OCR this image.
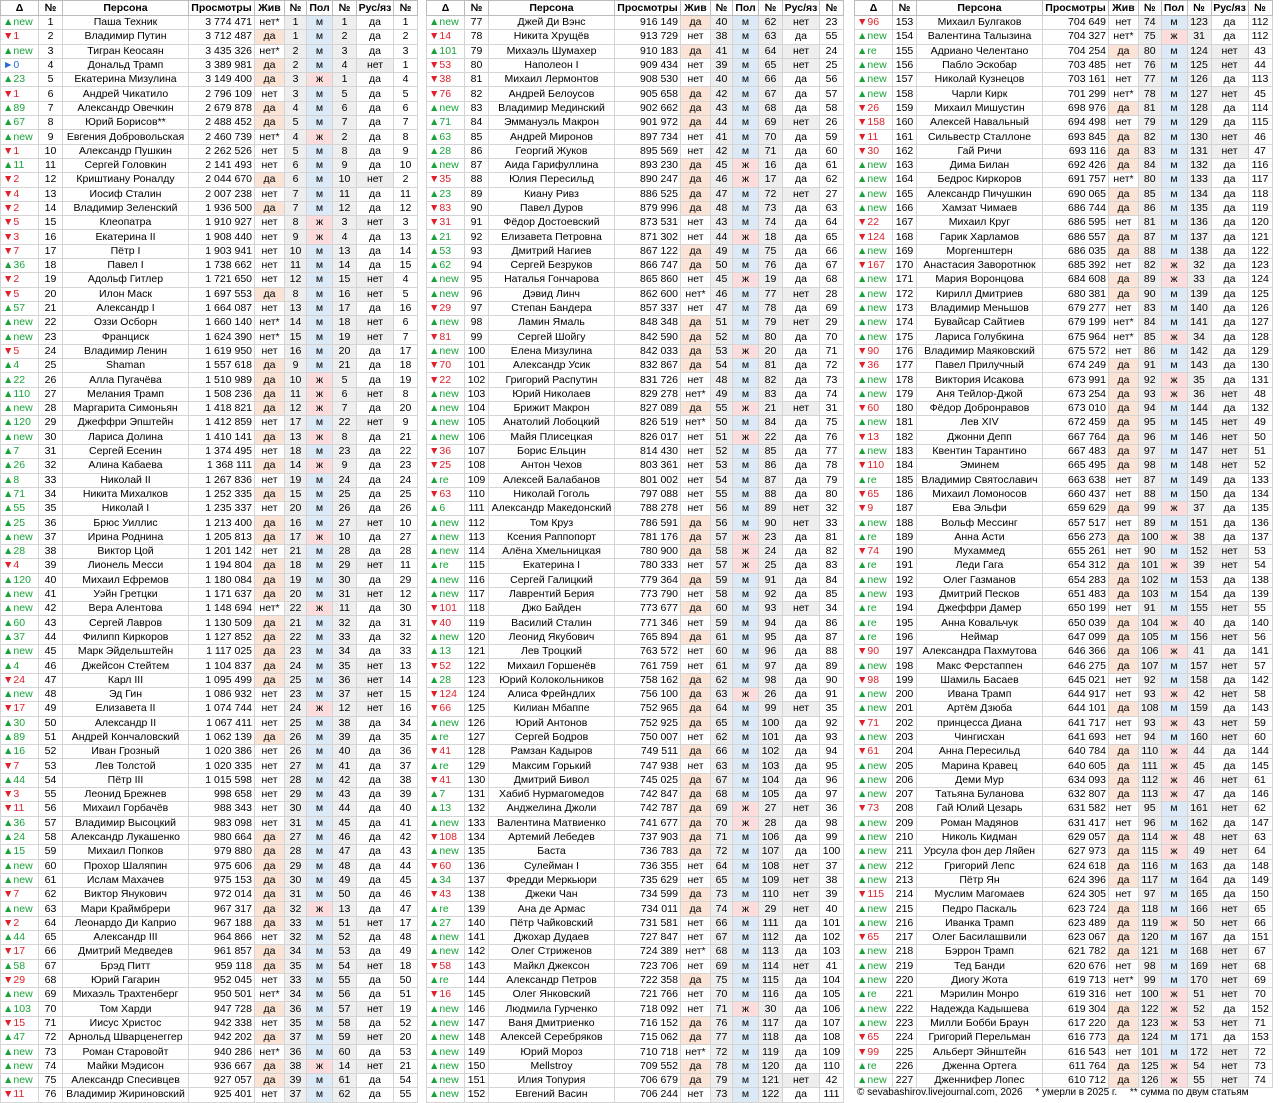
Δ	№	Персона	Просмотры	Жив	№	Пол	№	Рус/яз	№
▲new	1	Паша Техник	3 774 471	нет*	1	м	1	да	1
▼1	2	Владимир Путин	3 712 487	да	1	м	2	да	2
▲new	3	Тигран Кеосаян	3 435 326	нет*	2	м	3	да	3
►0	4	Дональд Трамп	3 389 981	да	2	м	4	нет	1
▲23	5	Екатерина Мизулина	3 149 400	да	3	ж	1	да	4
▼1	6	Андрей Чикатило	2 796 109	нет	3	м	5	да	5
▲89	7	Александр Овечкин	2 679 878	да	4	м	6	да	6
▲67	8	Юрий Борисов**	2 488 452	да	5	м	7	да	7
▲new	9	Евгения Добровольская	2 460 739	нет*	4	ж	2	да	8
▼1	10	Александр Пушкин	2 262 526	нет	5	м	8	да	9
▲11	11	Сергей Головкин	2 141 493	нет	6	м	9	да	10
▼2	12	Криштиану Роналду	2 044 670	да	6	м	10	нет	2
▼4	13	Иосиф Сталин	2 007 238	нет	7	м	11	да	11
▼2	14	Владимир Зеленский	1 936 500	да	7	м	12	да	12
▼5	15	Клеопатра	1 910 927	нет	8	ж	3	нет	3
▼3	16	Екатерина II	1 908 440	нет	9	ж	4	да	13
▼7	17	Пётр I	1 903 941	нет	10	м	13	да	14
▲36	18	Павел I	1 738 662	нет	11	м	14	да	15
▼2	19	Адольф Гитлер	1 721 650	нет	12	м	15	нет	4
▼5	20	Илон Маск	1 697 553	да	8	м	16	нет	5
▲57	21	Александр I	1 664 087	нет	13	м	17	да	16
▲new	22	Оззи Осборн	1 660 140	нет*	14	м	18	нет	6
▲new	23	Франциск	1 624 390	нет*	15	м	19	нет	7
▼5	24	Владимир Ленин	1 619 950	нет	16	м	20	да	17
▲4	25	Shaman	1 557 618	да	9	м	21	да	18
▲22	26	Алла Пугачёва	1 510 989	да	10	ж	5	да	19
▲110	27	Мелания Трамп	1 508 236	да	11	ж	6	нет	8
▲new	28	Маргарита Симоньян	1 418 821	да	12	ж	7	да	20
▲120	29	Джеффри Эпштейн	1 412 859	нет	17	м	22	нет	9
▲new	30	Лариса Долина	1 410 141	да	13	ж	8	да	21
▲7	31	Сергей Есенин	1 374 495	нет	18	м	23	да	22
▲26	32	Алина Кабаева	1 368 111	да	14	ж	9	да	23
▲8	33	Николай II	1 267 836	нет	19	м	24	да	24
▲71	34	Никита Михалков	1 252 335	да	15	м	25	да	25
▲55	35	Николай I	1 235 337	нет	20	м	26	да	26
▲25	36	Брюс Уиллис	1 213 400	да	16	м	27	нет	10
▲new	37	Ирина Роднина	1 205 813	да	17	ж	10	да	27
▲28	38	Виктор Цой	1 201 142	нет	21	м	28	да	28
▼4	39	Лионель Месси	1 194 804	да	18	м	29	нет	11
▲120	40	Михаил Ефремов	1 180 084	да	19	м	30	да	29
▲new	41	Уэйн Гретцки	1 171 637	да	20	м	31	нет	12
▲new	42	Вера Алентова	1 148 694	нет*	22	ж	11	да	30
▲60	43	Сергей Лавров	1 130 509	да	21	м	32	да	31
▲37	44	Филипп Киркоров	1 127 852	да	22	м	33	да	32
▲new	45	Марк Эйдельштейн	1 117 025	да	23	м	34	да	33
▲4	46	Джейсон Стейтем	1 104 837	да	24	м	35	нет	13
▼24	47	Карл III	1 095 499	да	25	м	36	нет	14
▲new	48	Эд Гин	1 086 932	нет	23	м	37	нет	15
▼17	49	Елизавета II	1 074 744	нет	24	ж	12	нет	16
▲30	50	Александр II	1 067 411	нет	25	м	38	да	34
▲89	51	Андрей Кончаловский	1 062 139	да	26	м	39	да	35
▲16	52	Иван Грозный	1 020 386	нет	26	м	40	да	36
▼7	53	Лев Толстой	1 020 335	нет	27	м	41	да	37
▲44	54	Пётр III	1 015 598	нет	28	м	42	да	38
▼3	55	Леонид Брежнев	998 658	нет	29	м	43	да	39
▼11	56	Михаил Горбачёв	988 343	нет	30	м	44	да	40
▲36	57	Владимир Высоцкий	983 098	нет	31	м	45	да	41
▲24	58	Александр Лукашенко	980 664	да	27	м	46	да	42
▲15	59	Михаил Попков	979 880	да	28	м	47	да	43
▲new	60	Прохор Шаляпин	975 606	да	29	м	48	да	44
▲new	61	Ислам Махачев	975 153	да	30	м	49	да	45
▼7	62	Виктор Янукович	972 014	да	31	м	50	да	46
▲new	63	Мари Краймбрери	967 317	да	32	ж	13	да	47
▼2	64	Леонардо Ди Каприо	967 188	да	33	м	51	нет	17
▲44	65	Александр III	964 866	нет	32	м	52	да	48
▼17	66	Дмитрий Медведев	961 857	да	34	м	53	да	49
▲58	67	Брэд Питт	959 118	да	35	м	54	нет	18
▼29	68	Юрий Гагарин	952 045	нет	33	м	55	да	50
▲new	69	Михаэль Трахтенберг	950 501	нет*	34	м	56	да	51
▲103	70	Том Харди	947 728	да	36	м	57	нет	19
▼15	71	Иисус Христос	942 338	нет	35	м	58	да	52
▲47	72	Арнольд Шварценеггер	942 202	да	37	м	59	нет	20
▲new	73	Роман Старовойт	940 286	нет*	36	м	60	да	53
▲new	74	Майки Мэдисон	936 667	да	38	ж	14	нет	21
▲new	75	Александр Спесивцев	927 057	да	39	м	61	да	54
▼11	76	Владимир Жириновский	925 401	нет	37	м	62	да	55
Δ	№	Персона	Просмотры	Жив	№	Пол	№	Рус/яз	№
▲new	77	Джей Ди Вэнс	916 149	да	40	м	62	нет	23
▼14	78	Никита Хрущёв	913 729	нет	38	м	63	да	55
▲101	79	Михаэль Шумахер	910 183	да	41	м	64	нет	24
▼53	80	Наполеон I	909 434	нет	39	м	65	нет	25
▼38	81	Михаил Лермонтов	908 530	нет	40	м	66	да	56
▼76	82	Андрей Белоусов	905 658	да	42	м	67	да	57
▲new	83	Владимир Мединский	902 662	да	43	м	68	да	58
▲71	84	Эммануэль Макрон	901 972	да	44	м	69	нет	26
▲63	85	Андрей Миронов	897 734	нет	41	м	70	да	59
▲28	86	Георгий Жуков	895 569	нет	42	м	71	да	60
▲new	87	Аида Гарифуллина	893 230	да	45	ж	16	да	61
▼35	88	Юлия Пересильд	890 247	да	46	ж	17	да	62
▲23	89	Киану Ривз	886 525	да	47	м	72	нет	27
▼83	90	Павел Дуров	879 996	да	48	м	73	да	63
▼31	91	Фёдор Достоевский	873 531	нет	43	м	74	да	64
▲21	92	Елизавета Петровна	871 302	нет	44	ж	18	да	65
▲53	93	Дмитрий Нагиев	867 122	да	49	м	75	да	66
▲62	94	Сергей Безруков	866 747	да	50	м	76	да	67
▲new	95	Наталья Гончарова	865 860	нет	45	ж	19	да	68
▲new	96	Дэвид Линч	862 600	нет*	46	м	77	нет	28
▼29	97	Степан Бандера	857 337	нет	47	м	78	да	69
▲new	98	Ламин Ямаль	848 348	да	51	м	79	нет	29
▼81	99	Сергей Шойгу	842 590	да	52	м	80	да	70
▲new	100	Елена Мизулина	842 033	да	53	ж	20	да	71
▼70	101	Александр Усик	832 867	да	54	м	81	да	72
▼22	102	Григорий Распутин	831 726	нет	48	м	82	да	73
▲new	103	Юрий Николаев	829 278	нет*	49	м	83	да	74
▲new	104	Брижит Макрон	827 089	да	55	ж	21	нет	31
▲new	105	Анатолий Лобоцкий	826 519	нет*	50	м	84	да	75
▲new	106	Майя Плисецкая	826 017	нет	51	ж	22	да	76
▼36	107	Борис Ельцин	814 430	нет	52	м	85	да	77
▼25	108	Антон Чехов	803 361	нет	53	м	86	да	78
▲re	109	Алексей Балабанов	801 002	нет	54	м	87	да	79
▼63	110	Николай Гоголь	797 088	нет	55	м	88	да	80
▲6	111	Александр Македонский	788 278	нет	56	м	89	нет	32
▲new	112	Том Круз	786 591	да	56	м	90	нет	33
▲new	113	Ксения Раппопорт	781 176	да	57	ж	23	да	81
▲new	114	Алёна Хмельницкая	780 900	да	58	ж	24	да	82
▲re	115	Екатерина I	780 333	нет	57	ж	25	да	83
▲new	116	Сергей Галицкий	779 364	да	59	м	91	да	84
▲new	117	Лаврентий Берия	773 790	нет	58	м	92	да	85
▼101	118	Джо Байден	773 677	да	60	м	93	нет	34
▼40	119	Василий Сталин	771 346	нет	59	м	94	да	86
▲new	120	Леонид Якубович	765 894	да	61	м	95	да	87
▲13	121	Лев Троцкий	763 572	нет	60	м	96	да	88
▼52	122	Михаил Горшенёв	761 759	нет	61	м	97	да	89
▲28	123	Юрий Колокольников	758 162	да	62	м	98	да	90
▼124	124	Алиса Фрейндлих	756 100	да	63	ж	26	да	91
▼66	125	Килиан Мбаппе	752 965	да	64	м	99	нет	35
▲new	126	Юрий Антонов	752 925	да	65	м	100	да	92
▲re	127	Сергей Бодров	750 007	нет	62	м	101	да	93
▼41	128	Рамзан Кадыров	749 511	да	66	м	102	да	94
▲re	129	Максим Горький	747 938	нет	63	м	103	да	95
▼41	130	Дмитрий Бивол	745 025	да	67	м	104	да	96
▲7	131	Хабиб Нурмагомедов	742 847	да	68	м	105	да	97
▲13	132	Анджелина Джоли	742 787	да	69	ж	27	нет	36
▲new	133	Валентина Матвиенко	741 677	да	70	ж	28	да	98
▼108	134	Артемий Лебедев	737 903	да	71	м	106	да	99
▲new	135	Баста	736 783	да	72	м	107	да	100
▼60	136	Сулейман I	736 355	нет	64	м	108	нет	37
▲34	137	Фредди Меркьюри	735 629	нет	65	м	109	нет	38
▼43	138	Джеки Чан	734 599	да	73	м	110	нет	39
▲re	139	Ана де Армас	734 011	да	74	ж	29	нет	40
▲27	140	Пётр Чайковский	731 581	нет	66	м	111	да	101
▲new	141	Джохар Дудаев	727 847	нет	67	м	112	да	102
▲new	142	Олег Стриженов	724 389	нет*	68	м	113	да	103
▼58	143	Майкл Джексон	723 706	нет	69	м	114	нет	41
▲re	144	Александр Петров	722 358	да	75	м	115	да	104
▼16	145	Олег Янковский	721 766	нет	70	м	116	да	105
▲new	146	Людмила Гурченко	718 092	нет	71	ж	30	да	106
▲new	147	Ваня Дмитриенко	716 152	да	76	м	117	да	107
▲new	148	Алексей Серебряков	715 062	да	77	м	118	да	108
▲new	149	Юрий Мороз	710 718	нет*	72	м	119	да	109
▲new	150	Mellstroy	709 552	да	78	м	120	да	110
▲new	151	Илия Топурия	706 679	да	79	м	121	нет	42
▲new	152	Евгений Васин	706 244	нет	73	м	122	да	111
Δ	№	Персона	Просмотры	Жив	№	Пол	№	Рус/яз	№
▼96	153	Михаил Булгаков	704 649	нет	74	м	123	да	112
▲new	154	Валентина Талызина	704 327	нет*	75	ж	31	да	112
▲re	155	Адриано Челентано	704 254	да	80	м	124	нет	43
▲new	156	Пабло Эскобар	703 485	нет	76	м	125	нет	44
▲new	157	Николай Кузнецов	703 161	нет	77	м	126	да	113
▲new	158	Чарли Кирк	701 299	нет*	78	м	127	нет	45
▼26	159	Михаил Мишустин	698 976	да	81	м	128	да	114
▼158	160	Алексей Навальный	694 498	нет	79	м	129	да	115
▼11	161	Сильвестр Сталлоне	693 845	да	82	м	130	нет	46
▼30	162	Гай Ричи	693 116	да	83	м	131	нет	47
▲new	163	Дима Билан	692 426	да	84	м	132	да	116
▲new	164	Бедрос Киркоров	691 757	нет*	80	м	133	да	117
▲new	165	Александр Пичушкин	690 065	да	85	м	134	да	118
▲new	166	Хамзат Чимаев	686 744	да	86	м	135	да	119
▼22	167	Михаил Круг	686 595	нет	81	м	136	да	120
▼124	168	Гарик Харламов	686 557	да	87	м	137	да	121
▲new	169	Моргенштерн	686 035	да	88	м	138	да	122
▼167	170	Анастасия Заворотнюк	685 392	нет	82	ж	32	да	123
▲new	171	Мария Воронцова	684 608	да	89	ж	33	да	124
▲new	172	Кирилл Дмитриев	680 381	да	90	м	139	да	125
▲new	173	Владимир Меньшов	679 277	нет	83	м	140	да	126
▲new	174	Бувайсар Сайтиев	679 199	нет*	84	м	141	да	127
▲new	175	Лариса Голубкина	675 964	нет*	85	ж	34	да	128
▼90	176	Владимир Маяковский	675 572	нет	86	м	142	да	129
▼36	177	Павел Прилучный	674 249	да	91	м	143	да	130
▲new	178	Виктория Исакова	673 991	да	92	ж	35	да	131
▲new	179	Аня Тейлор-Джой	673 254	да	93	ж	36	нет	48
▼60	180	Фёдор Добронравов	673 010	да	94	м	144	да	132
▲new	181	Лев XIV	672 459	да	95	м	145	нет	49
▼13	182	Джонни Депп	667 764	да	96	м	146	нет	50
▲new	183	Квентин Тарантино	667 483	да	97	м	147	нет	51
▼110	184	Эминем	665 495	да	98	м	148	нет	52
▲re	185	Владимир Святославич	663 638	нет	87	м	149	да	133
▼65	186	Михаил Ломоносов	660 437	нет	88	м	150	да	134
▼9	187	Ева Эльфи	659 629	да	99	ж	37	да	135
▲new	188	Вольф Мессинг	657 517	нет	89	м	151	да	136
▲re	189	Анна Асти	656 273	да	100	ж	38	да	137
▼74	190	Мухаммед	655 261	нет	90	м	152	нет	53
▲re	191	Леди Гага	654 312	да	101	ж	39	нет	54
▲new	192	Олег Газманов	654 283	да	102	м	153	да	138
▲new	193	Дмитрий Песков	651 483	да	103	м	154	да	139
▲re	194	Джеффри Дамер	650 199	нет	91	м	155	нет	55
▲re	195	Анна Ковальчук	650 039	да	104	ж	40	да	140
▲re	196	Неймар	647 099	да	105	м	156	нет	56
▼90	197	Александра Пахмутова	646 366	да	106	ж	41	да	141
▲new	198	Макс Ферстаппен	646 275	да	107	м	157	нет	57
▼98	199	Шамиль Басаев	645 021	нет	92	м	158	да	142
▲new	200	Ивана Трамп	644 917	нет	93	ж	42	нет	58
▲new	201	Артём Дзюба	644 101	да	108	м	159	да	143
▼71	202	принцесса Диана	641 717	нет	93	ж	43	нет	59
▲new	203	Чингисхан	641 693	нет	94	м	160	нет	60
▼61	204	Анна Пересильд	640 784	да	110	ж	44	да	144
▲new	205	Марина Кравец	640 605	да	111	ж	45	да	145
▲new	206	Деми Мур	634 093	да	112	ж	46	нет	61
▲new	207	Татьяна Буланова	632 807	да	113	ж	47	да	146
▼73	208	Гай Юлий Цезарь	631 582	нет	95	м	161	нет	62
▲new	209	Роман Мадянов	631 417	нет	96	м	162	да	147
▲new	210	Николь Кидман	629 057	да	114	ж	48	нет	63
▲new	211	Урсула фон дер Ляйен	627 973	да	115	ж	49	нет	64
▲new	212	Григорий Лепс	624 618	да	116	м	163	да	148
▲new	213	Пётр Ян	624 396	да	117	м	164	да	149
▼115	214	Муслим Магомаев	624 305	нет	97	м	165	да	150
▲new	215	Педро Паскаль	623 724	да	118	м	166	нет	65
▲new	216	Иванка Трамп	623 489	да	119	ж	50	нет	66
▼65	217	Олег Басилашвили	623 067	да	120	м	167	да	151
▲new	218	Бэррон Трамп	621 782	да	121	м	168	нет	67
▲new	219	Тед Банди	620 676	нет	98	м	169	нет	68
▲new	220	Диогу Жота	619 713	нет*	99	м	170	нет	69
▲re	221	Мэрилин Монро	619 316	нет	100	ж	51	нет	70
▲new	222	Надежда Кадышева	619 304	да	122	ж	52	да	152
▲new	223	Милли Бобби Браун	617 220	да	123	ж	53	нет	71
▼65	224	Григорий Перельман	616 773	да	124	м	171	да	153
▼99	225	Альберт Эйнштейн	616 543	нет	101	м	172	нет	72
▲re	226	Дженна Ортега	611 764	да	125	ж	54	нет	73
▲new	227	Дженнифер Лопес	610 712	да	126	ж	55	нет	74
© sevabashirov.livejournal.com, 2026 * умерли в 2025 г. ** сумма по двум статьям
